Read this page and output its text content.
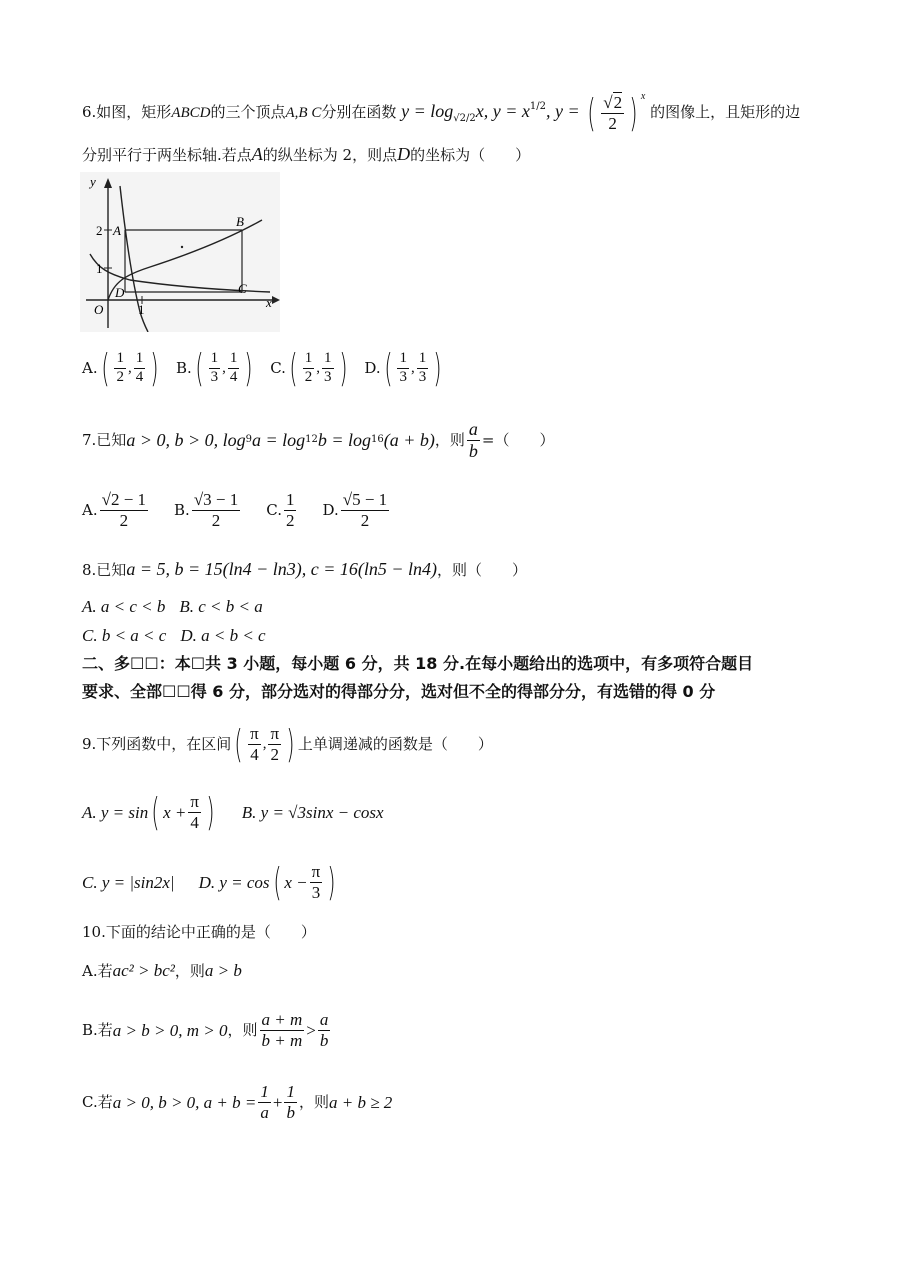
6.如图，矩形ABCD的三个顶点A,B C分别在函数 $y = \log_{√2/2}x$, $y = x^{1/2}$, y = ( $\frac{√2}{2}$ ) $^x$ 的图像上，且矩形的边
分别平行于两坐标轴.若点A的纵坐标为 2，则点D的坐标为（　　）
y
x
O
2
1
1
A
B
C
D
A. ( $\frac{1}{2}$ , $\frac{1}{4}$ ) B. ( $\frac{1}{3}$ , $\frac{1}{4}$ ) C. ( $\frac{1}{2}$ , $\frac{1}{3}$ ) D. ( $\frac{1}{3}$ , $\frac{1}{3}$ )
7.已知 a > 0, b > 0, log 9 a = log 12 b = log 16 (a + b) ，则 $\frac{a}{b}$ =（　　）
A. $\frac{√2 - 1}{2} B$. $\frac{√3 - 1}{2} C$. $\frac{1}{2} D$. $\frac{√5 - 1}{2}$
8.已知a = 5, b = 15(ln4 − ln3), c = 16(ln5 − ln4)，则（　　）
A. a < c < b B. c < b < a
C. b < a < c D. a < b < c
二、多☐☐：本☐共 3 小题，每小题 6 分，共 18 分.在每小题给出的选项中，有多项符合题目
要求、全部☐☐得 6 分，部分选对的得部分分，选对但不全的得部分分，有选错的得 0 分
9.下列函数中，在区间 ( $\frac{\pi}{4}$ , $\frac{\pi}{2}$ ) 上单调递减的函数是（　　）
A. y = sin ( $x + \frac{\pi}{4}$ ) B. y = √3sinx − cosx
C. y = |sin2x| D. y = cos ( $x - \frac{\pi}{3}$ )
10.下面的结论中正确的是（　　）
A.若ac² > bc²，则a > b
B.若 a > b > 0, m > 0 ，则 $\frac{a + m}{b + m} > \frac{a}{b}$
C.若 a > 0, b > 0, $a + b = \frac{1}{a} + \frac{1}{b}$ ，则 a + b ≥ 2
